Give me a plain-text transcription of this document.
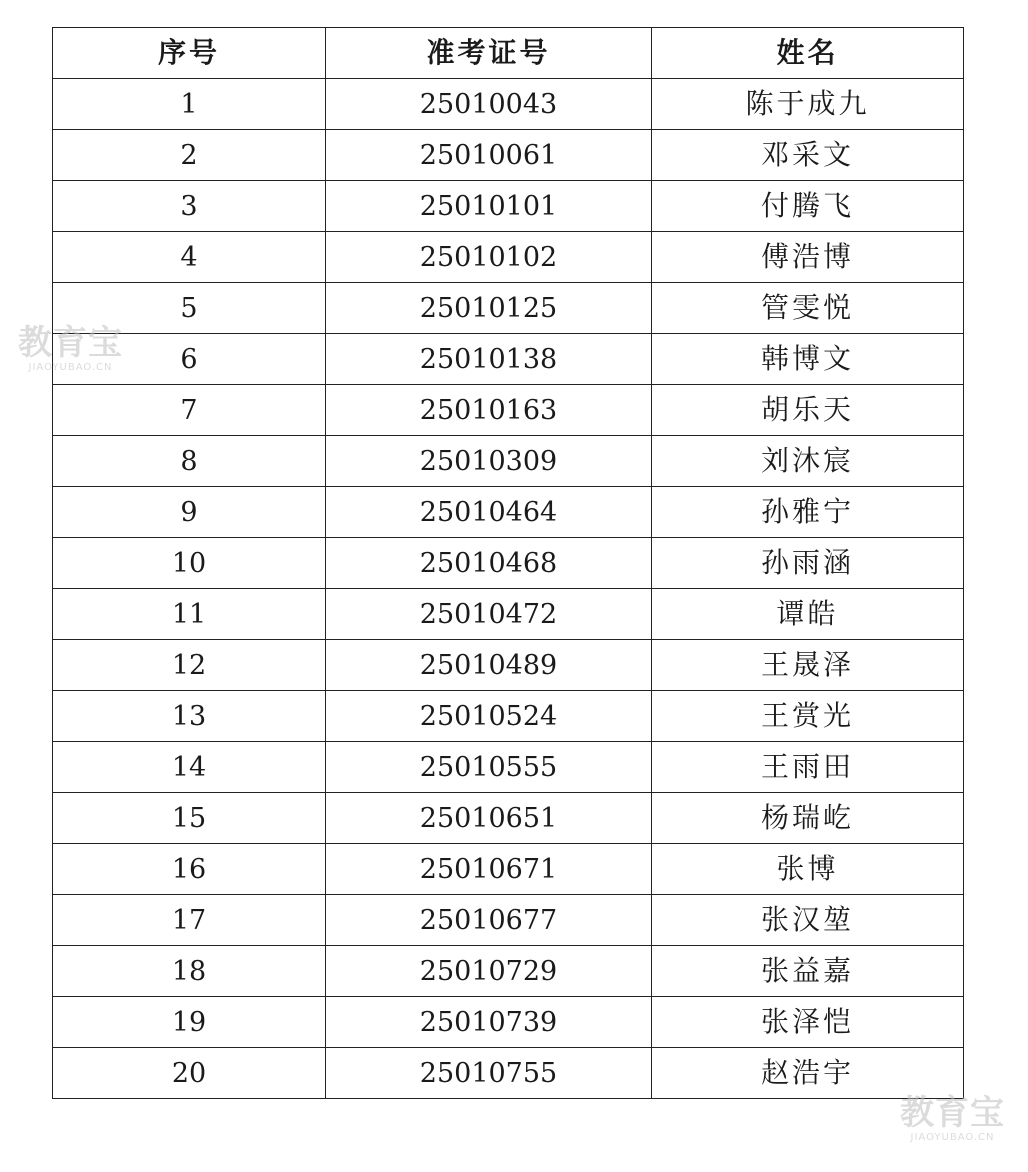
序号	准考证号	姓名
1	25010043	陈于成九
2	25010061	邓采文
3	25010101	付腾飞
4	25010102	傅浩博
5	25010125	管雯悦
6	25010138	韩博文
7	25010163	胡乐天
8	25010309	刘沐宸
9	25010464	孙雅宁
10	25010468	孙雨涵
11	25010472	谭皓
12	25010489	王晟泽
13	25010524	王赏光
14	25010555	王雨田
15	25010651	杨瑞屹
16	25010671	张博
17	25010677	张汉堃
18	25010729	张益嘉
19	25010739	张泽恺
20	25010755	赵浩宇
教育宝
JIAOYUBAO.CN
教育宝
JIAOYUBAO.CN
